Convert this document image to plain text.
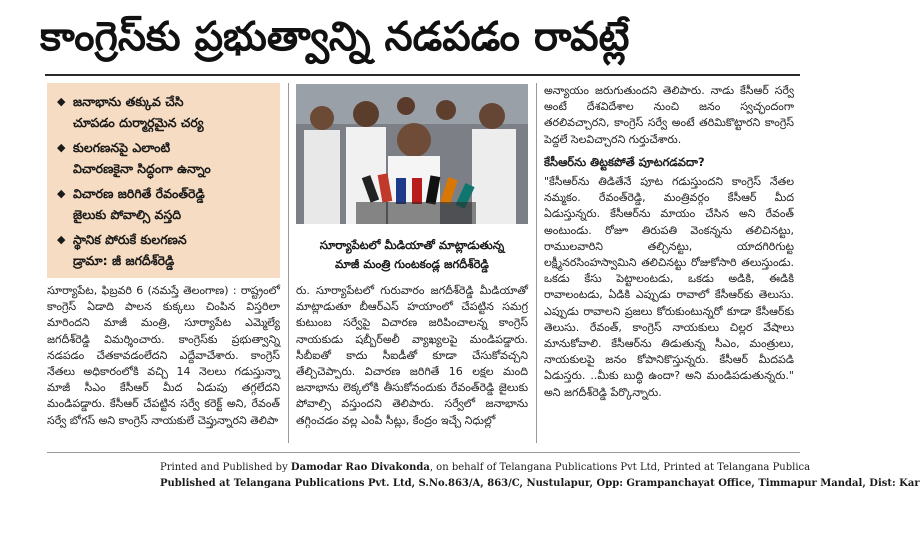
కాంగ్రెస్‌కు ప్రభుత్వాన్ని నడపడం రావట్లే
◆ జనాభాను తక్కువ చేసి
చూపడం దుర్మార్గమైన చర్య
◆ కులగణనపై ఎలాంటి
విచారణకైనా సిద్ధంగా ఉన్నాం
◆ విచారణ జరిగితే రేవంత్‌రెడ్డి
జైలుకు పోవాల్సి వస్తది
◆ స్థానిక పోరుకే కులగణన
డ్రామా: జీ జగదీశ్‌రెడ్డి
సూర్యాపేటలో మీడియాతో మాట్లాడుతున్న
మాజీ మంత్రి గుంటకండ్ల జగదీశ్‌రెడ్డి

సూర్యాపేట, ఫిబ్రవరి 6 (నమస్తే తెలంగాణ) : రాష్ట్రంలో కాంగ్రెస్ ఏడాది పాలన కుక్కలు చింపిన విస్తరిలా మారిందని మాజీ మంత్రి, సూర్యాపేట ఎమ్మెల్యే జగదీశ్‌రెడ్డి విమర్శించారు. కాంగ్రెస్‌కు ప్రభుత్వాన్ని నడపడం చేతకావడంలేదని ఎద్దేవాచేశారు. కాంగ్రెస్ నేతలు అధికారంలోకి వచ్చి 14 నెలలు గడుస్తున్నా మాజీ సీఎం కేసీఆర్ మీద ఏడుపు తగ్గలేదని మండిపడ్డారు. కేసీఆర్ చేపట్టిన సర్వే కరెక్ట్ అని, రేవంత్ సర్వే బోగస్ అని కాంగ్రెస్ నాయకులే చెప్తున్నారని తెలిపా

రు. సూర్యాపేటలో గురువారం జగదీశ్‌రెడ్డి మీడియాతో మాట్లాడుతూ బీఆర్‌ఎస్ హయాంలో చేపట్టిన సమగ్ర కుటుంబ సర్వేపై విచారణ జరిపించాలన్న కాంగ్రెస్ నాయకుడు షబ్బీర్‌అలీ వ్యాఖ్యలపై మండిపడ్డారు. సీబీఐతో కాదు సీఐడీతో కూడా చేసుకోవచ్చని తేల్చిచెప్పారు. విచారణ జరిగితే 16 లక్షల మంది జనాభాను లెక్కలోకి తీసుకోనందుకు రేవంత్‌రెడ్డి జైలుకు పోవాల్సి వస్తుందని తెలిపారు. సర్వేలో జనాభాను తగ్గించడం వల్ల ఎంపీ సీట్లు, కేంద్రం ఇచ్చే నిధుల్లో

అన్యాయం జరుగుతుందని తెలిపారు. నాడు కేసీఆర్ సర్వే అంటే దేశవిదేశాల నుంచి జనం స్వచ్ఛందంగా తరలివచ్చారని, కాంగ్రెస్ సర్వే అంటే తరిమికొట్టారని కాంగ్రెస్ పెద్దలే సెలవిచ్చారని గుర్తుచేశారు.

కేసీఆర్‌ను తిట్టకపోతే పూటగడవదా?

"కేసీఆర్‌ను తిడితేనే పూట గడుస్తుందని కాంగ్రెస్ నేతల నమ్మకం. రేవంత్‌రెడ్డి, మంత్రివర్గం కేసీఆర్ మీద ఏడుస్తున్నరు. కేసీఆర్‌ను మాయం చేసిన అని రేవంత్ అంటుండు. రోజూ తిరుపతి వెంకన్నను తలిచినట్టు, రాములవారిని తల్చినట్టు, యాదగిరిగుట్ట లక్ష్మీనరసింహస్వామిని తలిచినట్టు రోజుకోసారి తలుస్తుండు. ఒకడు కేసు పెట్టాలంటడు, ఒకడు అడికి, ఈడికి రావాలంటడు, ఏడికి ఎప్పుడు రావాలో కేసీఆర్‌కు తెలుసు. ఎప్పుడు రావాలని ప్రజలు కోరుకుంటున్నరో కూడా కేసీఆర్‌కు తెలుసు. రేవంత్, కాంగ్రెస్ నాయకులు చిల్లర వేషాలు మానుకోవాలి. కేసీఆర్‌ను తిడుతున్న సీఎం, మంత్రులు, నాయకులపై జనం కోపానికొస్తున్నరు. కేసీఆర్ మీదపడి ఏడుస్తరు. ..మీకు బుద్ధి ఉందా? అని మండిపడుతున్నరు." అని జగదీశ్‌రెడ్డి పేర్కొన్నారు.

Printed and Published by Damodar Rao Divakonda, on behalf of Telangana Publications Pvt Ltd, Printed at Telangana Publica
Published at Telangana Publications Pvt. Ltd, S.No.863/A, 863/C, Nustulapur, Opp: Grampanchayat Office, Timmapur Mandal, Dist: Kar
